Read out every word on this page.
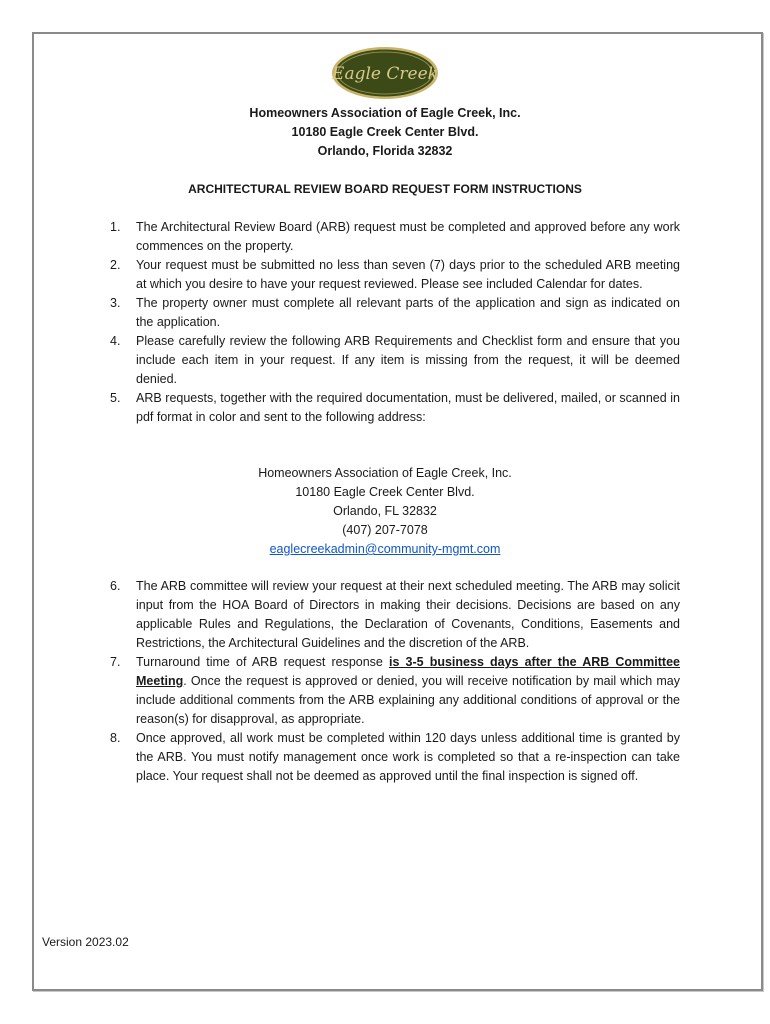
Eagle Creek

Homeowners Association of Eagle Creek, Inc.

10180 Eagle Creek Center Blvd.

Orlando, Florida 32832

ARCHITECTURAL REVIEW BOARD REQUEST FORM INSTRUCTIONS

1. The Architectural Review Board (ARB) request must be completed and approved before any work commences on the property.
2. Your request must be submitted no less than seven (7) days prior to the scheduled ARB meeting at which you desire to have your request reviewed. Please see included Calendar for dates.
3. The property owner must complete all relevant parts of the application and sign as indicated on the application.
4. Please carefully review the following ARB Requirements and Checklist form and ensure that you include each item in your request. If any item is missing from the request, it will be deemed denied.
5. ARB requests, together with the required documentation, must be delivered, mailed, or scanned in pdf format in color and sent to the following address:
Homeowners Association of Eagle Creek, Inc.
10180 Eagle Creek Center Blvd.
Orlando, FL 32832
(407) 207-7078
eaglecreekadmin@community-mgmt.com
6. The ARB committee will review your request at their next scheduled meeting. The ARB may solicit input from the HOA Board of Directors in making their decisions. Decisions are based on any applicable Rules and Regulations, the Declaration of Covenants, Conditions, Easements and Restrictions, the Architectural Guidelines and the discretion of the ARB.
7. Turnaround time of ARB request response is 3-5 business days after the ARB Committee Meeting. Once the request is approved or denied, you will receive notification by mail which may include additional comments from the ARB explaining any additional conditions of approval or the reason(s) for disapproval, as appropriate.
8. Once approved, all work must be completed within 120 days unless additional time is granted by the ARB. You must notify management once work is completed so that a re-inspection can take place. Your request shall not be deemed as approved until the final inspection is signed off.
Version 2023.02
